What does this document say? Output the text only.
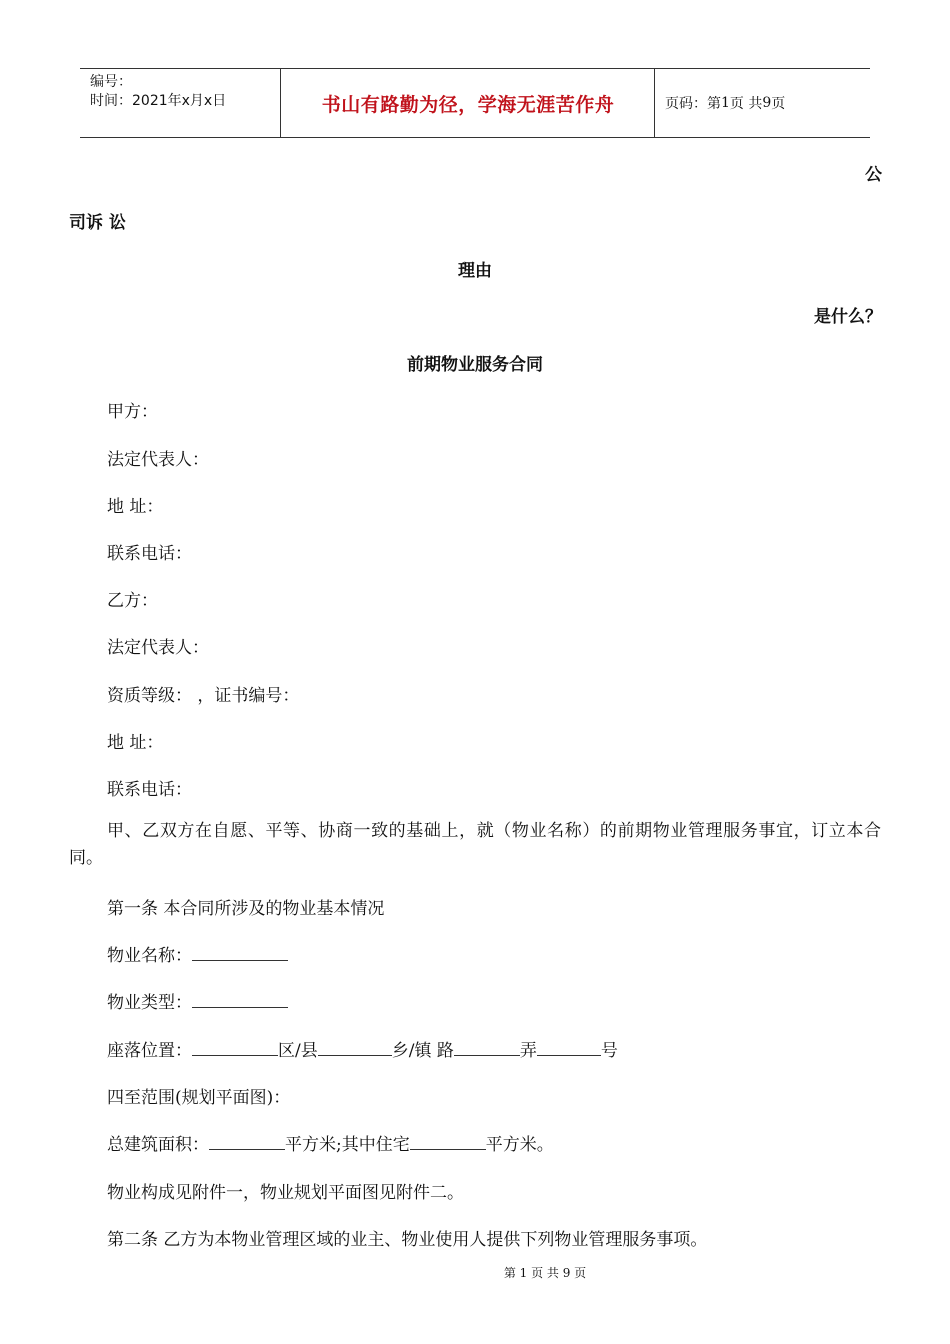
编号：
时间：2021年x月x日	书山有路勤为径，学海无涯苦作舟	页码：第 1 页 共 9 页
公
司诉 讼
理由
是什么？
前期物业服务合同
甲方：
法定代表人：
地 址：
联系电话：
乙方：
法定代表人：
资质等级： ，证书编号：
地 址：
联系电话：
甲、乙双方在自愿、平等、协商一致的基础上，就（物业名称）的前期物业管理服务事宜，订立本合同。
第一条 本合同所涉及的物业基本情况
物业名称：
物业类型：
座落位置：	区/县	乡/镇 路	弄	号
四至范围(规划平面图)：
总建筑面积：	平方米;其中住宅	平方米。
物业构成见附件一，物业规划平面图见附件二。
第二条 乙方为本物业管理区域的业主、物业使用人提供下列物业管理服务事项。
第 1 页 共 9 页
